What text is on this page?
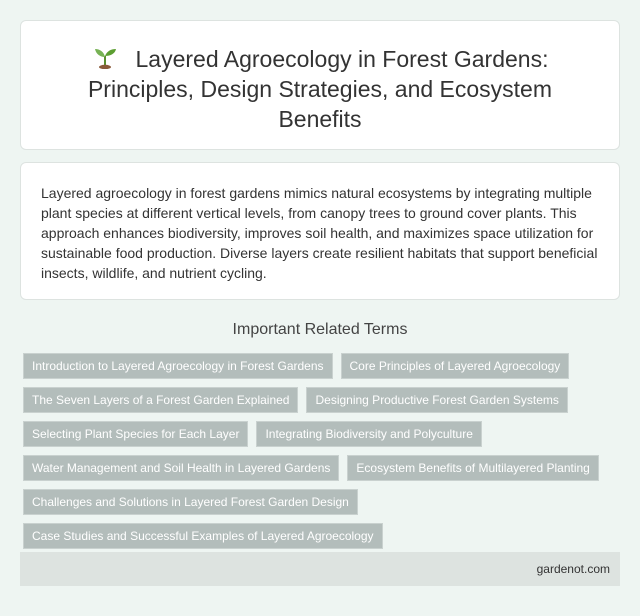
Layered Agroecology in Forest Gardens: Principles, Design Strategies, and Ecosystem Benefits

Layered agroecology in forest gardens mimics natural ecosystems by integrating multiple plant species at different vertical levels, from canopy trees to ground cover plants. This approach enhances biodiversity, improves soil health, and maximizes space utilization for sustainable food production. Diverse layers create resilient habitats that support beneficial insects, wildlife, and nutrient cycling.

Important Related Terms
Introduction to Layered Agroecology in Forest Gardens	Core Principles of Layered Agroecology
The Seven Layers of a Forest Garden Explained	Designing Productive Forest Garden Systems
Selecting Plant Species for Each Layer	Integrating Biodiversity and Polyculture
Water Management and Soil Health in Layered Gardens	Ecosystem Benefits of Multilayered Planting
Challenges and Solutions in Layered Forest Garden Design
Case Studies and Successful Examples of Layered Agroecology
gardenot.com
